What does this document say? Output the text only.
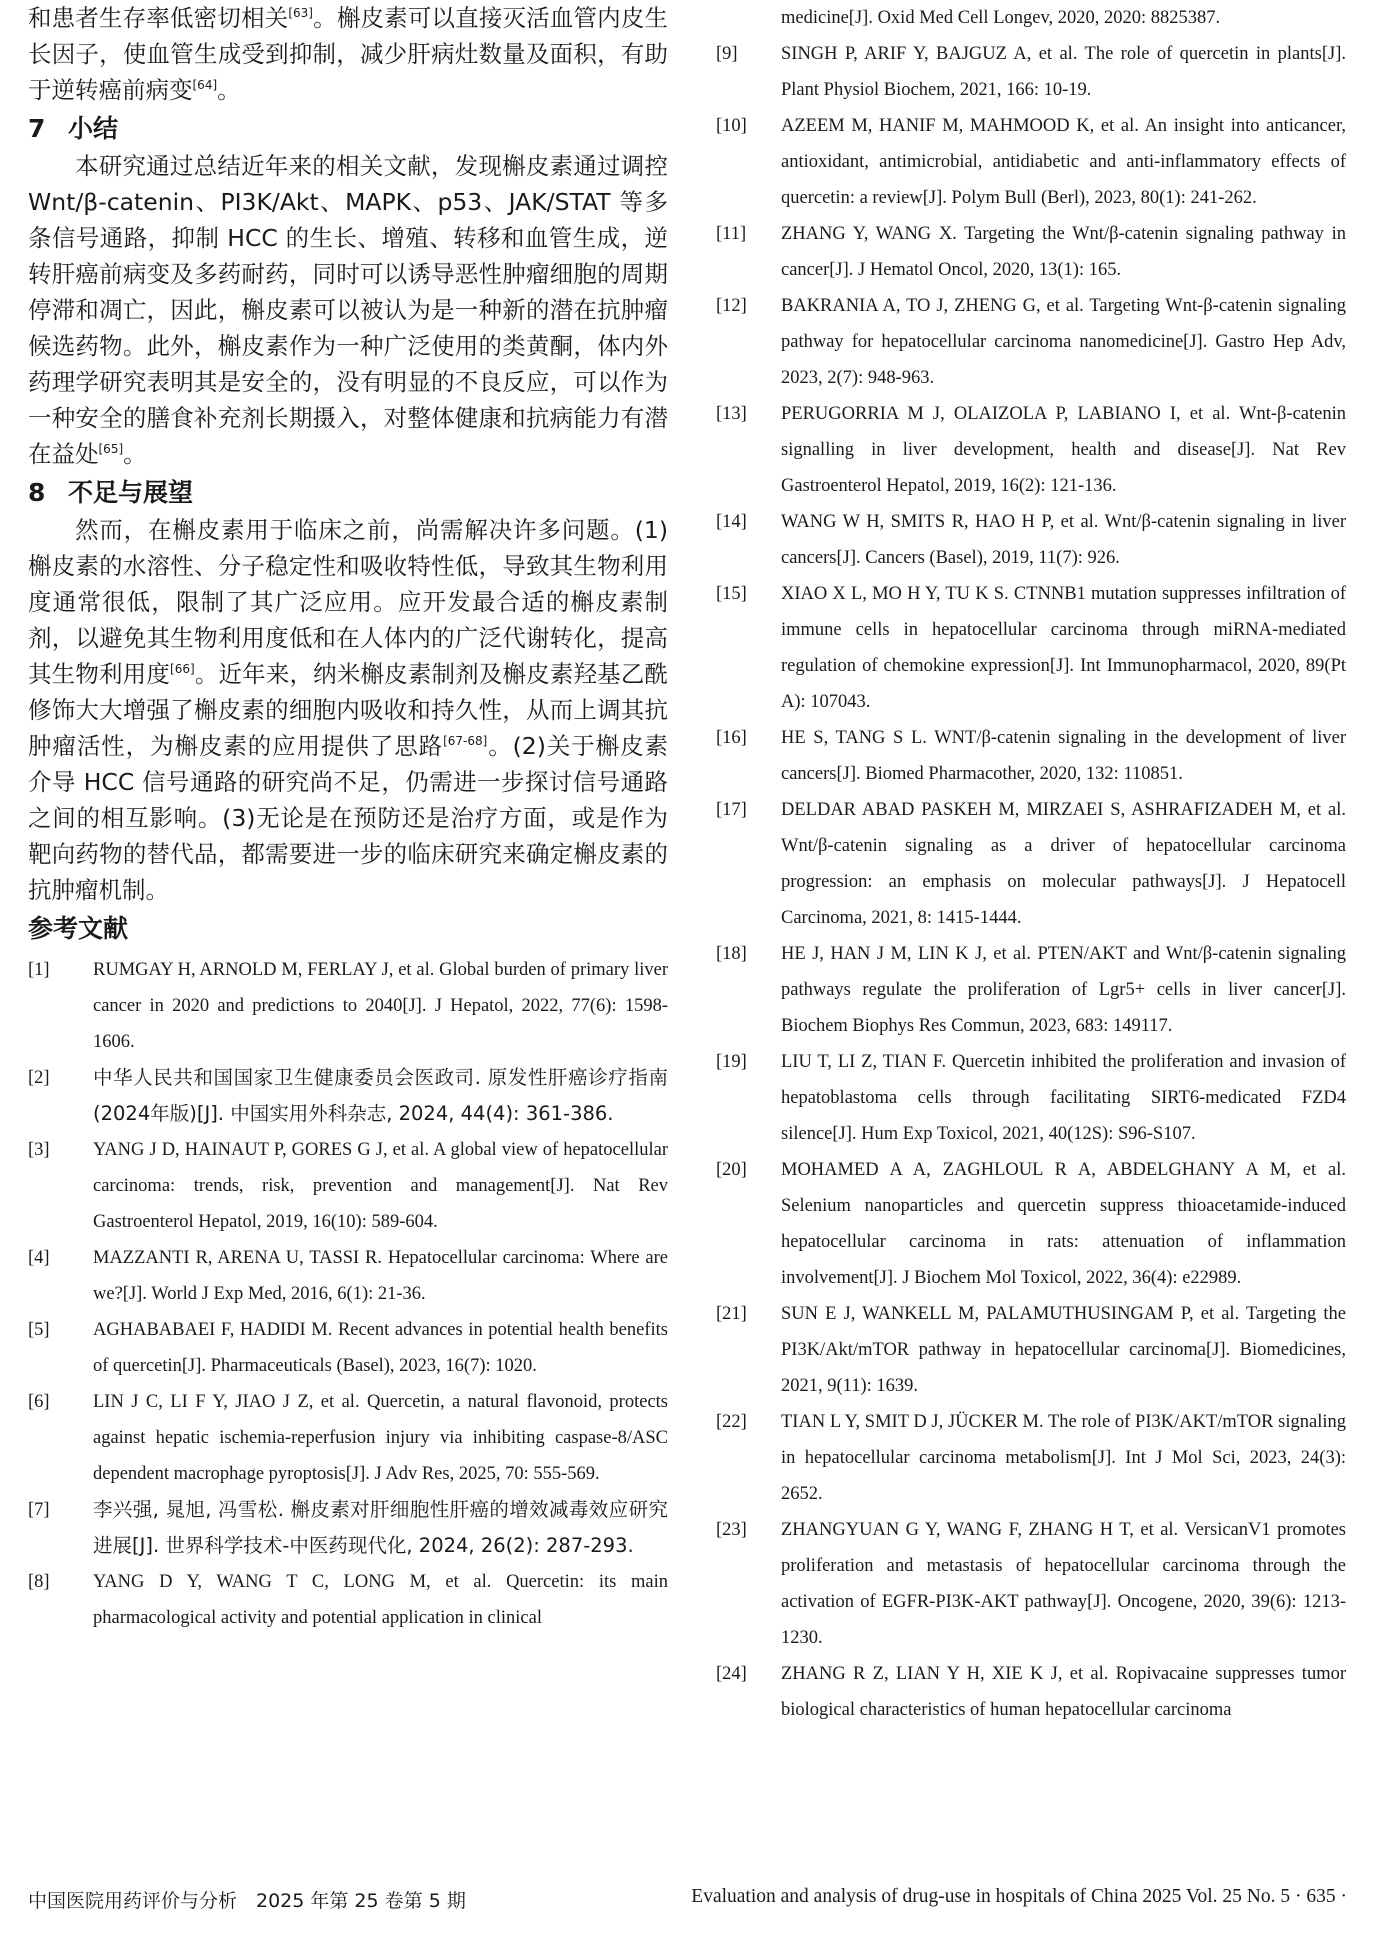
和患者生存率低密切相关[63]。槲皮素可以直接灭活血管内皮生长因子，使血管生成受到抑制，减少肝病灶数量及面积，有助于逆转癌前病变[64]。

7 小结

本研究通过总结近年来的相关文献，发现槲皮素通过调控 Wnt/β-catenin、PI3K/Akt、MAPK、p53、JAK/STAT 等多条信号通路，抑制 HCC 的生长、增殖、转移和血管生成，逆转肝癌前病变及多药耐药，同时可以诱导恶性肿瘤细胞的周期停滞和凋亡，因此，槲皮素可以被认为是一种新的潜在抗肿瘤候选药物。此外，槲皮素作为一种广泛使用的类黄酮，体内外药理学研究表明其是安全的，没有明显的不良反应，可以作为一种安全的膳食补充剂长期摄入，对整体健康和抗病能力有潜在益处[65]。

8 不足与展望

然而，在槲皮素用于临床之前，尚需解决许多问题。(1)槲皮素的水溶性、分子稳定性和吸收特性低，导致其生物利用度通常很低，限制了其广泛应用。应开发最合适的槲皮素制剂，以避免其生物利用度低和在人体内的广泛代谢转化，提高其生物利用度[66]。近年来，纳米槲皮素制剂及槲皮素羟基乙酰修饰大大增强了槲皮素的细胞内吸收和持久性，从而上调其抗肿瘤活性，为槲皮素的应用提供了思路[67-68]。(2)关于槲皮素介导 HCC 信号通路的研究尚不足，仍需进一步探讨信号通路之间的相互影响。(3)无论是在预防还是治疗方面，或是作为靶向药物的替代品，都需要进一步的临床研究来确定槲皮素的抗肿瘤机制。

参考文献
[1]	RUMGAY H, ARNOLD M, FERLAY J, et al. Global burden of primary liver cancer in 2020 and predictions to 2040[J]. J Hepatol, 2022, 77(6): 1598-1606.
[2]	中华人民共和国国家卫生健康委员会医政司. 原发性肝癌诊疗指南(2024年版)[J]. 中国实用外科杂志, 2024, 44(4): 361-386.
[3]	YANG J D, HAINAUT P, GORES G J, et al. A global view of hepatocellular carcinoma: trends, risk, prevention and management[J]. Nat Rev Gastroenterol Hepatol, 2019, 16(10): 589-604.
[4]	MAZZANTI R, ARENA U, TASSI R. Hepatocellular carcinoma: Where are we?[J]. World J Exp Med, 2016, 6(1): 21-36.
[5]	AGHABABAEI F, HADIDI M. Recent advances in potential health benefits of quercetin[J]. Pharmaceuticals (Basel), 2023, 16(7): 1020.
[6]	LIN J C, LI F Y, JIAO J Z, et al. Quercetin, a natural flavonoid, protects against hepatic ischemia-reperfusion injury via inhibiting caspase-8/ASC dependent macrophage pyroptosis[J]. J Adv Res, 2025, 70: 555-569.
[7]	李兴强, 晁旭, 冯雪松. 槲皮素对肝细胞性肝癌的增效减毒效应研究进展[J]. 世界科学技术-中医药现代化, 2024, 26(2): 287-293.
[8]	YANG D Y, WANG T C, LONG M, et al. Quercetin: its main pharmacological activity and potential application in clinical

medicine[J]. Oxid Med Cell Longev, 2020, 2020: 8825387.

[9]	SINGH P, ARIF Y, BAJGUZ A, et al. The role of quercetin in plants[J]. Plant Physiol Biochem, 2021, 166: 10-19.
[10]	AZEEM M, HANIF M, MAHMOOD K, et al. An insight into anticancer, antioxidant, antimicrobial, antidiabetic and anti-inflammatory effects of quercetin: a review[J]. Polym Bull (Berl), 2023, 80(1): 241-262.
[11]	ZHANG Y, WANG X. Targeting the Wnt/β-catenin signaling pathway in cancer[J]. J Hematol Oncol, 2020, 13(1): 165.
[12]	BAKRANIA A, TO J, ZHENG G, et al. Targeting Wnt-β-catenin signaling pathway for hepatocellular carcinoma nanomedicine[J]. Gastro Hep Adv, 2023, 2(7): 948-963.
[13]	PERUGORRIA M J, OLAIZOLA P, LABIANO I, et al. Wnt-β-catenin signalling in liver development, health and disease[J]. Nat Rev Gastroenterol Hepatol, 2019, 16(2): 121-136.
[14]	WANG W H, SMITS R, HAO H P, et al. Wnt/β-catenin signaling in liver cancers[J]. Cancers (Basel), 2019, 11(7): 926.
[15]	XIAO X L, MO H Y, TU K S. CTNNB1 mutation suppresses infiltration of immune cells in hepatocellular carcinoma through miRNA-mediated regulation of chemokine expression[J]. Int Immunopharmacol, 2020, 89(Pt A): 107043.
[16]	HE S, TANG S L. WNT/β-catenin signaling in the development of liver cancers[J]. Biomed Pharmacother, 2020, 132: 110851.
[17]	DELDAR ABAD PASKEH M, MIRZAEI S, ASHRAFIZADEH M, et al. Wnt/β-catenin signaling as a driver of hepatocellular carcinoma progression: an emphasis on molecular pathways[J]. J Hepatocell Carcinoma, 2021, 8: 1415-1444.
[18]	HE J, HAN J M, LIN K J, et al. PTEN/AKT and Wnt/β-catenin signaling pathways regulate the proliferation of Lgr5+ cells in liver cancer[J]. Biochem Biophys Res Commun, 2023, 683: 149117.
[19]	LIU T, LI Z, TIAN F. Quercetin inhibited the proliferation and invasion of hepatoblastoma cells through facilitating SIRT6-medicated FZD4 silence[J]. Hum Exp Toxicol, 2021, 40(12S): S96-S107.
[20]	MOHAMED A A, ZAGHLOUL R A, ABDELGHANY A M, et al. Selenium nanoparticles and quercetin suppress thioacetamide-induced hepatocellular carcinoma in rats: attenuation of inflammation involvement[J]. J Biochem Mol Toxicol, 2022, 36(4): e22989.
[21]	SUN E J, WANKELL M, PALAMUTHUSINGAM P, et al. Targeting the PI3K/Akt/mTOR pathway in hepatocellular carcinoma[J]. Biomedicines, 2021, 9(11): 1639.
[22]	TIAN L Y, SMIT D J, JÜCKER M. The role of PI3K/AKT/mTOR signaling in hepatocellular carcinoma metabolism[J]. Int J Mol Sci, 2023, 24(3): 2652.
[23]	ZHANGYUAN G Y, WANG F, ZHANG H T, et al. VersicanV1 promotes proliferation and metastasis of hepatocellular carcinoma through the activation of EGFR-PI3K-AKT pathway[J]. Oncogene, 2020, 39(6): 1213-1230.
[24]	ZHANG R Z, LIAN Y H, XIE K J, et al. Ropivacaine suppresses tumor biological characteristics of human hepatocellular carcinoma
中国医院用药评价与分析　2025 年第 25 卷第 5 期	Evaluation and analysis of drug-use in hospitals of China 2025 Vol. 25 No. 5 · 635 ·
